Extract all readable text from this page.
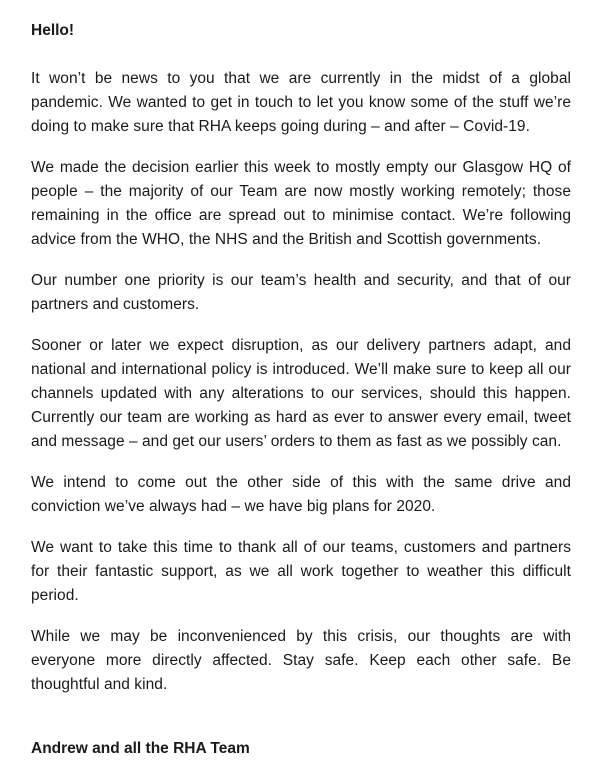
Hello!

It won’t be news to you that we are currently in the midst of a global pandemic. We wanted to get in touch to let you know some of the stuff we’re doing to make sure that RHA keeps going during – and after – Covid-19.

We made the decision earlier this week to mostly empty our Glasgow HQ of people – the majority of our Team are now mostly working remotely; those remaining in the office are spread out to minimise contact. We’re following advice from the WHO, the NHS and the British and Scottish governments.

Our number one priority is our team’s health and security, and that of our partners and customers.

Sooner or later we expect disruption, as our delivery partners adapt, and national and international policy is introduced. We’ll make sure to keep all our channels updated with any alterations to our services, should this happen. Currently our team are working as hard as ever to answer every email, tweet and message – and get our users’ orders to them as fast as we possibly can.

We intend to come out the other side of this with the same drive and conviction we’ve always had – we have big plans for 2020.

We want to take this time to thank all of our teams, customers and partners for their fantastic support, as we all work together to weather this difficult period.

While we may be inconvenienced by this crisis, our thoughts are with everyone more directly affected. Stay safe. Keep each other safe. Be thoughtful and kind.

Andrew and all the RHA Team
